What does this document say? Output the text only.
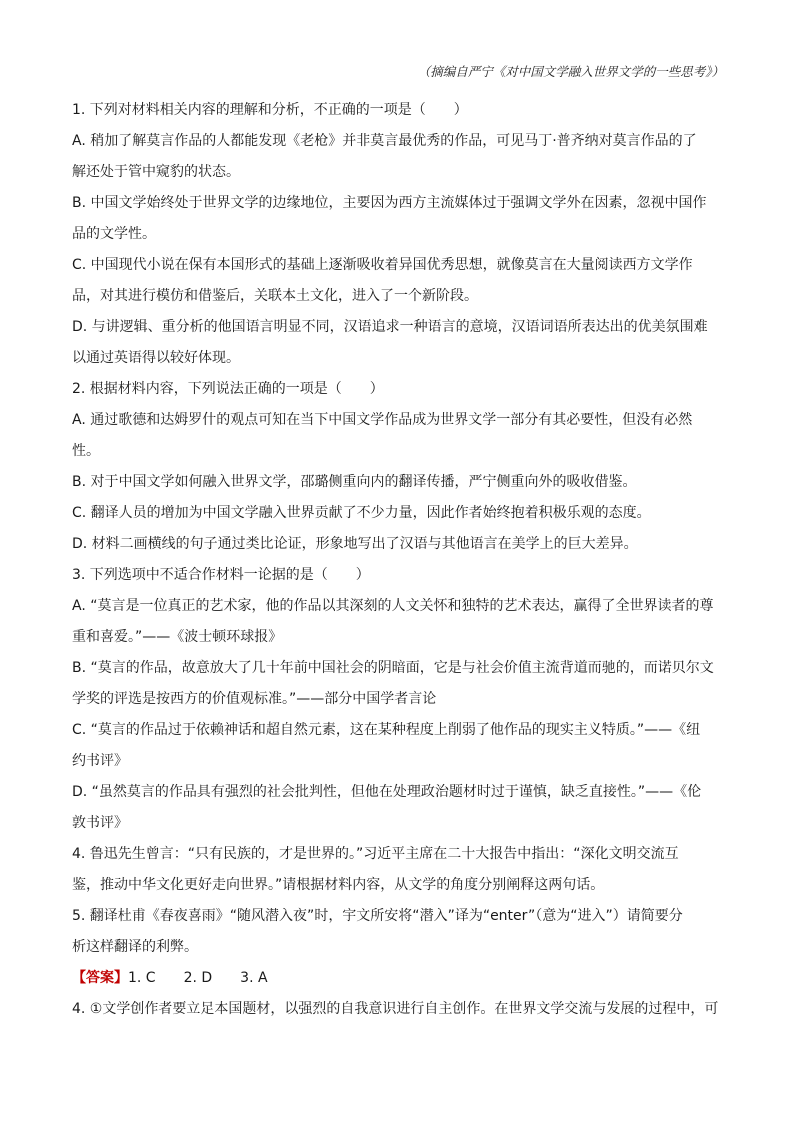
（摘编自严宁《对中国文学融入世界文学的一些思考》）

1. 下列对材料相关内容的理解和分析，不正确的一项是（　　）

A. 稍加了解莫言作品的人都能发现《老枪》并非莫言最优秀的作品，可见马丁·普齐纳对莫言作品的了

解还处于管中窥豹的状态。

B. 中国文学始终处于世界文学的边缘地位，主要因为西方主流媒体过于强调文学外在因素，忽视中国作

品的文学性。

C. 中国现代小说在保有本国形式的基础上逐渐吸收着异国优秀思想，就像莫言在大量阅读西方文学作

品，对其进行模仿和借鉴后，关联本土文化，进入了一个新阶段。

D. 与讲逻辑、重分析的他国语言明显不同，汉语追求一种语言的意境，汉语词语所表达出的优美氛围难

以通过英语得以较好体现。

2. 根据材料内容，下列说法正确的一项是（　　）

A. 通过歌德和达姆罗什的观点可知在当下中国文学作品成为世界文学一部分有其必要性，但没有必然

性。

B. 对于中国文学如何融入世界文学，邵璐侧重向内的翻译传播，严宁侧重向外的吸收借鉴。

C. 翻译人员的增加为中国文学融入世界贡献了不少力量，因此作者始终抱着积极乐观的态度。

D. 材料二画横线的句子通过类比论证，形象地写出了汉语与其他语言在美学上的巨大差异。

3. 下列选项中不适合作材料一论据的是（　　）

A. “莫言是一位真正的艺术家，他的作品以其深刻的人文关怀和独特的艺术表达，赢得了全世界读者的尊

重和喜爱。”——《波士顿环球报》

B. “莫言的作品，故意放大了几十年前中国社会的阴暗面，它是与社会价值主流背道而驰的，而诺贝尔文

学奖的评选是按西方的价值观标准。”——部分中国学者言论

C. “莫言的作品过于依赖神话和超自然元素，这在某种程度上削弱了他作品的现实主义特质。”——《纽

约书评》

D. “虽然莫言的作品具有强烈的社会批判性，但他在处理政治题材时过于谨慎，缺乏直接性。”——《伦

敦书评》

4. 鲁迅先生曾言：“只有民族的，才是世界的。”习近平主席在二十大报告中指出：“深化文明交流互

鉴，推动中华文化更好走向世界。”请根据材料内容，从文学的角度分别阐释这两句话。

5. 翻译杜甫《春夜喜雨》“随风潜入夜”时，宇文所安将“潜入”译为“enter”（意为“进入”）请简要分

析这样翻译的利弊。

【答案】1. C　　2. D　　3. A

4. ①文学创作者要立足本国题材，以强烈的自我意识进行自主创作。在世界文学交流与发展的过程中，可
